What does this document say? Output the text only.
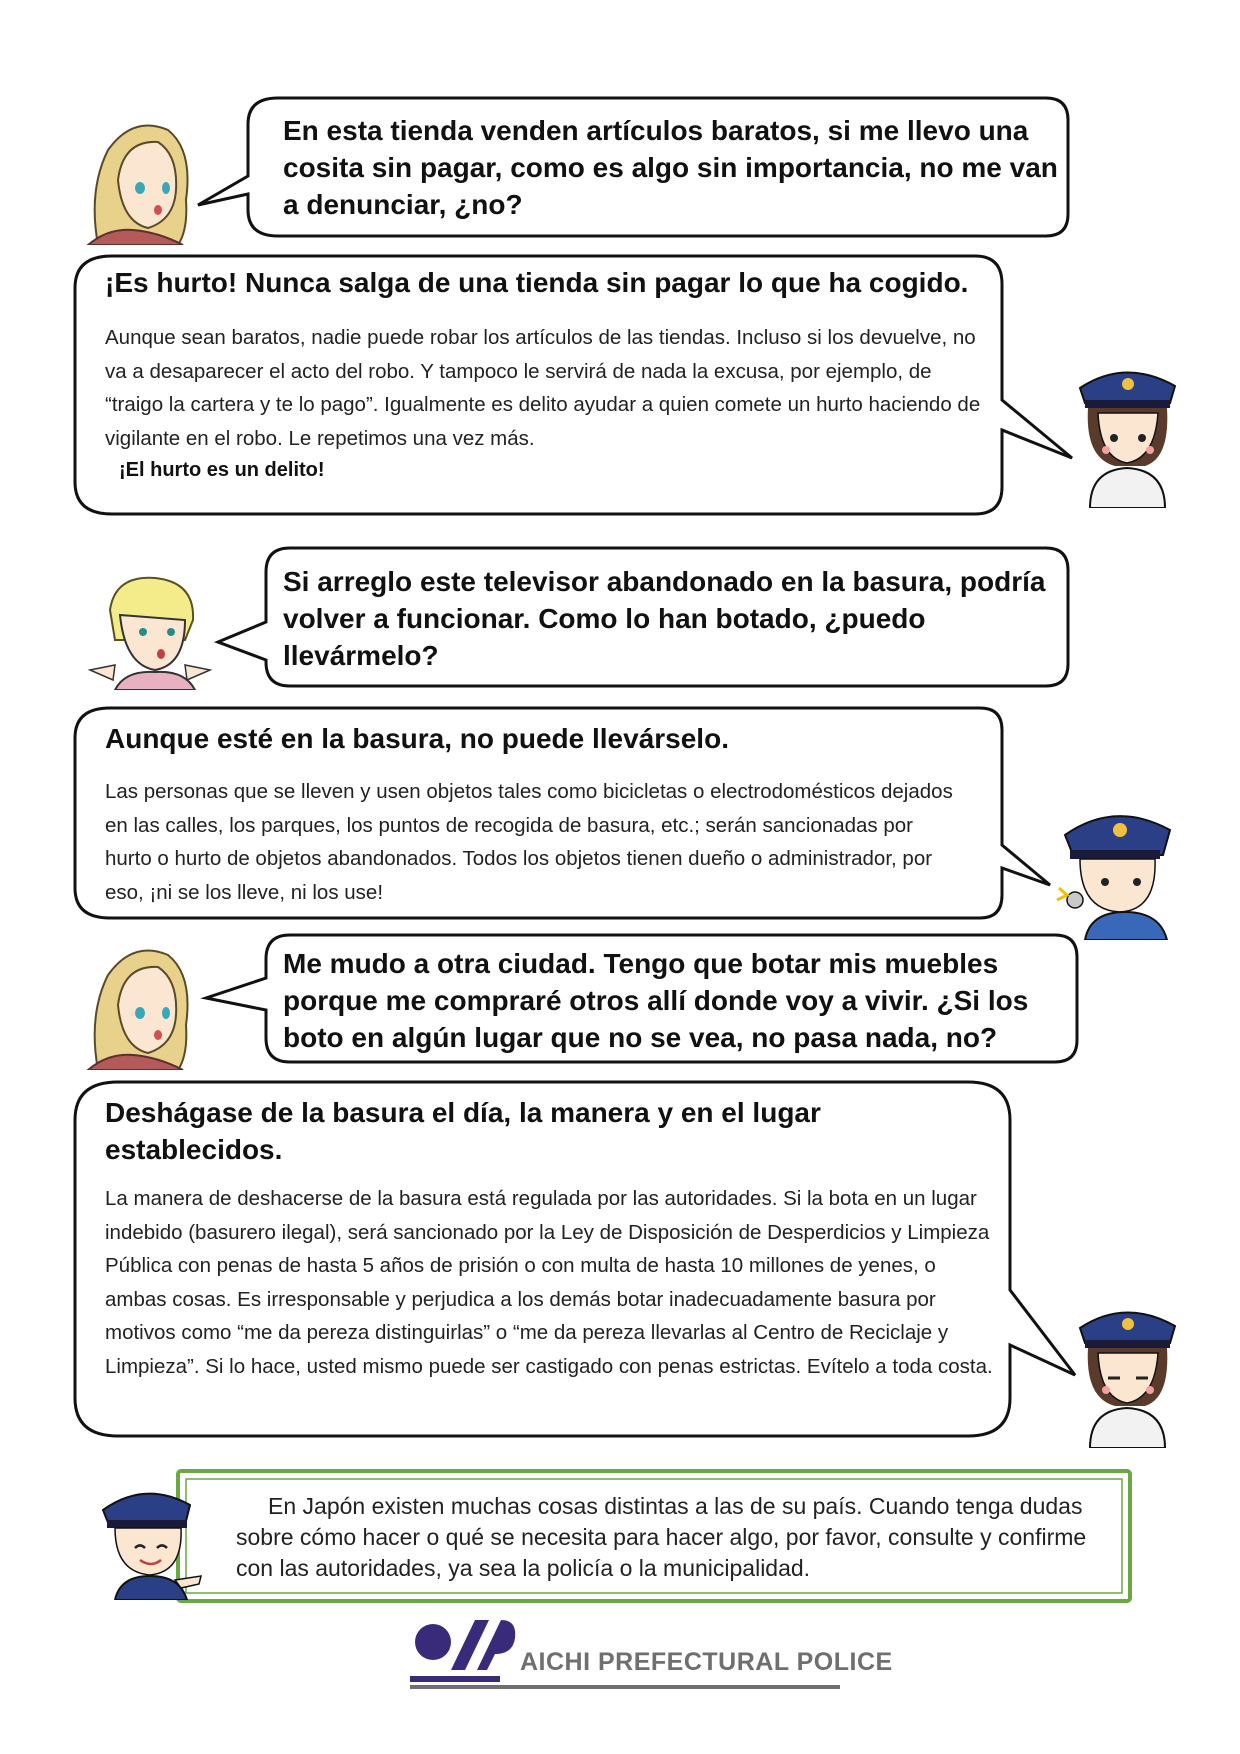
En esta tienda venden artículos baratos, si me llevo una cosita sin pagar, como es algo sin importancia, no me van a denunciar, ¿no?

¡Es hurto! Nunca salga de una tienda sin pagar lo que ha cogido.

Aunque sean baratos, nadie puede robar los artículos de las tiendas. Incluso si los devuelve, no va a desaparecer el acto del robo. Y tampoco le servirá de nada la excusa, por ejemplo, de “traigo la cartera y te lo pago”. Igualmente es delito ayudar a quien comete un hurto haciendo de vigilante en el robo. Le repetimos una vez más.

¡El hurto es un delito!

Si arreglo este televisor abandonado en la basura, podría volver a funcionar. Como lo han botado, ¿puedo llevármelo?

Aunque esté en la basura, no puede llevárselo.

Las personas que se lleven y usen objetos tales como bicicletas o electrodomésticos dejados en las calles, los parques, los puntos de recogida de basura, etc.; serán sancionadas por hurto o hurto de objetos abandonados. Todos los objetos tienen dueño o administrador, por eso, ¡ni se los lleve, ni los use!

Me mudo a otra ciudad. Tengo que botar mis muebles porque me compraré otros allí donde voy a vivir. ¿Si los boto en algún lugar que no se vea, no pasa nada, no?

Deshágase de la basura el día, la manera y en el lugar establecidos.

La manera de deshacerse de la basura está regulada por las autoridades. Si la bota en un lugar indebido (basurero ilegal), será sancionado por la Ley de Disposición de Desperdicios y Limpieza Pública con penas de hasta 5 años de prisión o con multa de hasta 10 millones de yenes, o ambas cosas. Es irresponsable y perjudica a los demás botar inadecuadamente basura por motivos como “me da pereza distinguirlas” o “me da pereza llevarlas al Centro de Reciclaje y Limpieza”. Si lo hace, usted mismo puede ser castigado con penas estrictas. Evítelo a toda costa.

En Japón existen muchas cosas distintas a las de su país. Cuando tenga dudas sobre cómo hacer o qué se necesita para hacer algo, por favor, consulte y confirme con las autoridades, ya sea la policía o la municipalidad.

AICHI PREFECTURAL POLICE
